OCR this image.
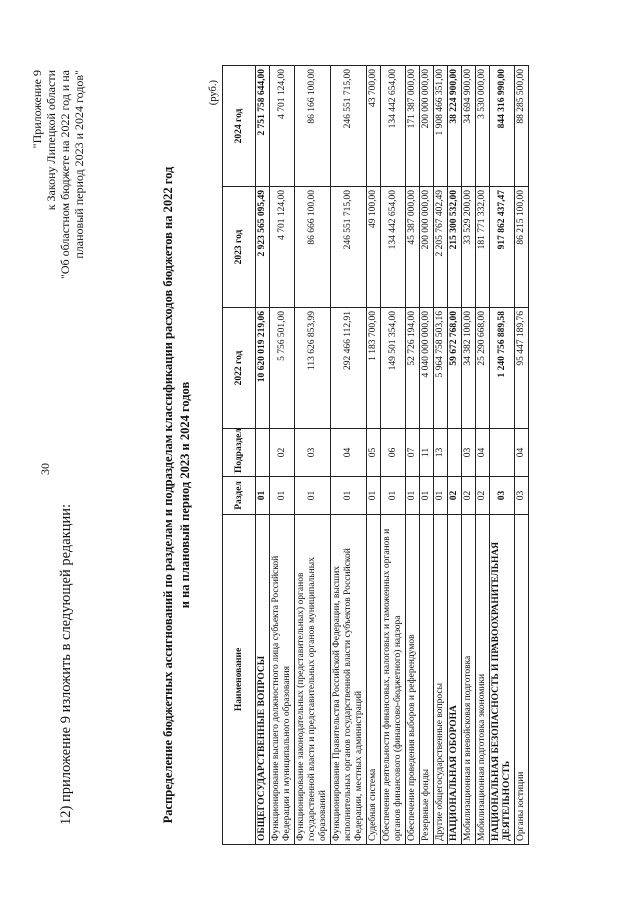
30
12) приложение 9 изложить в следующей редакции:
"Приложение 9 к Закону Липецкой области "Об областном бюджете на 2022 год и на плановый период 2023 и 2024 годов"
Распределение бюджетных ассигнований по разделам и подразделам классификации расходов бюджетов на 2022 год и на плановый период 2023 и 2024 годов
(руб.)
Наименование	Раздел	Подраздел	2022 год	2023 год	2024 год
ОБЩЕГОСУДАРСТВЕННЫЕ ВОПРОСЫ	01		10 620 019 219,06	2 923 565 095,49	2 751 758 644,00
Функционирование высшего должностного лица субъекта Российской Федерации и муниципального образования	01	02	5 756 501,00	4 701 124,00	4 701 124,00
Функционирование законодательных (представительных) органов государственной власти и представительных органов муниципальных образований	01	03	113 626 853,99	86 666 100,00	86 166 100,00
Функционирование Правительства Российской Федерации, высших исполнительных органов государственной власти субъектов Российской Федерации, местных администраций	01	04	292 466 112,91	246 551 715,00	246 551 715,00
Судебная система	01	05	1 183 700,00	49 100,00	43 700,00
Обеспечение деятельности финансовых, налоговых и таможенных органов и органов финансового (финансово-бюджетного) надзора	01	06	149 501 354,00	134 442 654,00	134 442 654,00
Обеспечение проведения выборов и референдумов	01	07	52 726 194,00	45 387 000,00	171 387 000,00
Резервные фонды	01	11	4 040 000 000,00	200 000 000,00	200 000 000,00
Другие общегосударственные вопросы	01	13	5 964 758 503,16	2 205 767 402,49	1 908 466 351,00
НАЦИОНАЛЬНАЯ ОБОРОНА	02		59 672 768,00	215 300 532,00	38 224 900,00
Мобилизационная и вневойсковая подготовка	02	03	34 382 100,00	33 529 200,00	34 694 900,00
Мобилизационная подготовка экономики	02	04	25 290 668,00	181 771 332,00	3 530 000,00
НАЦИОНАЛЬНАЯ БЕЗОПАСНОСТЬ И ПРАВООХРАНИТЕЛЬНАЯ ДЕЯТЕЛЬНОСТЬ	03		1 240 756 889,58	917 862 437,47	844 316 990,00
Органы юстиции	03	04	95 447 189,76	86 215 100,00	88 285 500,00
